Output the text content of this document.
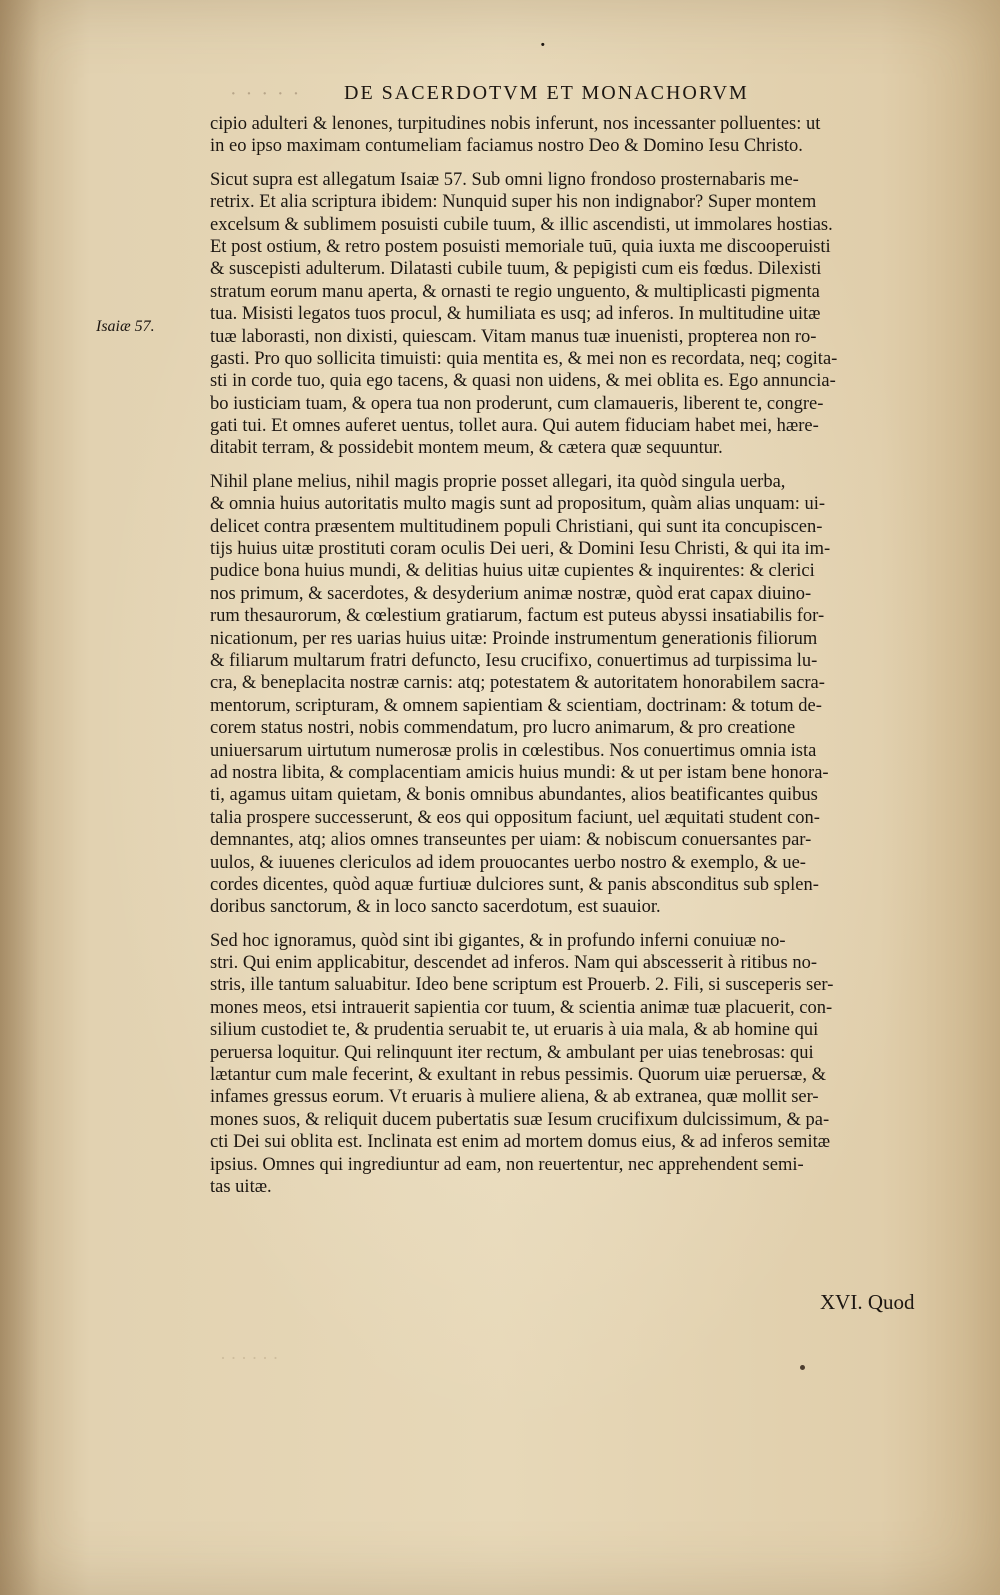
·
· · · · · DE SACERDOTVM ET MONACHORVM
Isaiæ 57.
cipio adulteri & lenones, turpitudines nobis inferunt, nos incessanter polluentes: ut
in eo ipso maximam contumeliam faciamus nostro Deo & Domino Iesu Christo.
Sicut supra est allegatum Isaiæ 57. Sub omni ligno frondoso prosternabaris me-
retrix. Et alia scriptura ibidem: Nunquid super his non indignabor? Super montem
excelsum & sublimem posuisti cubile tuum, & illic ascendisti, ut immolares hostias.
Et post ostium, & retro postem posuisti memoriale tuū, quia iuxta me discooperuisti
& suscepisti adulterum. Dilatasti cubile tuum, & pepigisti cum eis fœdus. Dilexisti
stratum eorum manu aperta, & ornasti te regio unguento, & multiplicasti pigmenta
tua. Misisti legatos tuos procul, & humiliata es usq; ad inferos. In multitudine uitæ
tuæ laborasti, non dixisti, quiescam. Vitam manus tuæ inuenisti, propterea non ro-
gasti. Pro quo sollicita timuisti: quia mentita es, & mei non es recordata, neq; cogita-
sti in corde tuo, quia ego tacens, & quasi non uidens, & mei oblita es. Ego annuncia-
bo iusticiam tuam, & opera tua non proderunt, cum clamaueris, liberent te, congre-
gati tui. Et omnes auferet uentus, tollet aura. Qui autem fiduciam habet mei, hære-
ditabit terram, & possidebit montem meum, & cætera quæ sequuntur.
Nihil plane melius, nihil magis proprie posset allegari, ita quòd singula uerba,
& omnia huius autoritatis multo magis sunt ad propositum, quàm alias unquam: ui-
delicet contra præsentem multitudinem populi Christiani, qui sunt ita concupiscen-
tijs huius uitæ prostituti coram oculis Dei ueri, & Domini Iesu Christi, & qui ita im-
pudice bona huius mundi, & delitias huius uitæ cupientes & inquirentes: & clerici
nos primum, & sacerdotes, & desyderium animæ nostræ, quòd erat capax diuino-
rum thesaurorum, & cœlestium gratiarum, factum est puteus abyssi insatiabilis for-
nicationum, per res uarias huius uitæ: Proinde instrumentum generationis filiorum
& filiarum multarum fratri defuncto, Iesu crucifixo, conuertimus ad turpissima lu-
cra, & beneplacita nostræ carnis: atq; potestatem & autoritatem honorabilem sacra-
mentorum, scripturam, & omnem sapientiam & scientiam, doctrinam: & totum de-
corem status nostri, nobis commendatum, pro lucro animarum, & pro creatione
uniuersarum uirtutum numerosæ prolis in cœlestibus. Nos conuertimus omnia ista
ad nostra libita, & complacentiam amicis huius mundi: & ut per istam bene honora-
ti, agamus uitam quietam, & bonis omnibus abundantes, alios beatificantes quibus
talia prospere successerunt, & eos qui oppositum faciunt, uel æquitati student con-
demnantes, atq; alios omnes transeuntes per uiam: & nobiscum conuersantes par-
uulos, & iuuenes clericulos ad idem prouocantes uerbo nostro & exemplo, & ue-
cordes dicentes, quòd aquæ furtiuæ dulciores sunt, & panis absconditus sub splen-
doribus sanctorum, & in loco sancto sacerdotum, est suauior.
Sed hoc ignoramus, quòd sint ibi gigantes, & in profundo inferni conuiuæ no-
stri. Qui enim applicabitur, descendet ad inferos. Nam qui abscesserit à ritibus no-
stris, ille tantum saluabitur. Ideo bene scriptum est Prouerb. 2. Fili, si susceperis ser-
mones meos, etsi intrauerit sapientia cor tuum, & scientia animæ tuæ placuerit, con-
silium custodiet te, & prudentia seruabit te, ut eruaris à uia mala, & ab homine qui
peruersa loquitur. Qui relinquunt iter rectum, & ambulant per uias tenebrosas: qui
lætantur cum male fecerint, & exultant in rebus pessimis. Quorum uiæ peruersæ, &
infames gressus eorum. Vt eruaris à muliere aliena, & ab extranea, quæ mollit ser-
mones suos, & reliquit ducem pubertatis suæ Iesum crucifixum dulcissimum, & pa-
cti Dei sui oblita est. Inclinata est enim ad mortem domus eius, & ad inferos semitæ
ipsius. Omnes qui ingrediuntur ad eam, non reuertentur, nec apprehendent semi-
tas uitæ.
XVI. Quod
· · · · · ·
